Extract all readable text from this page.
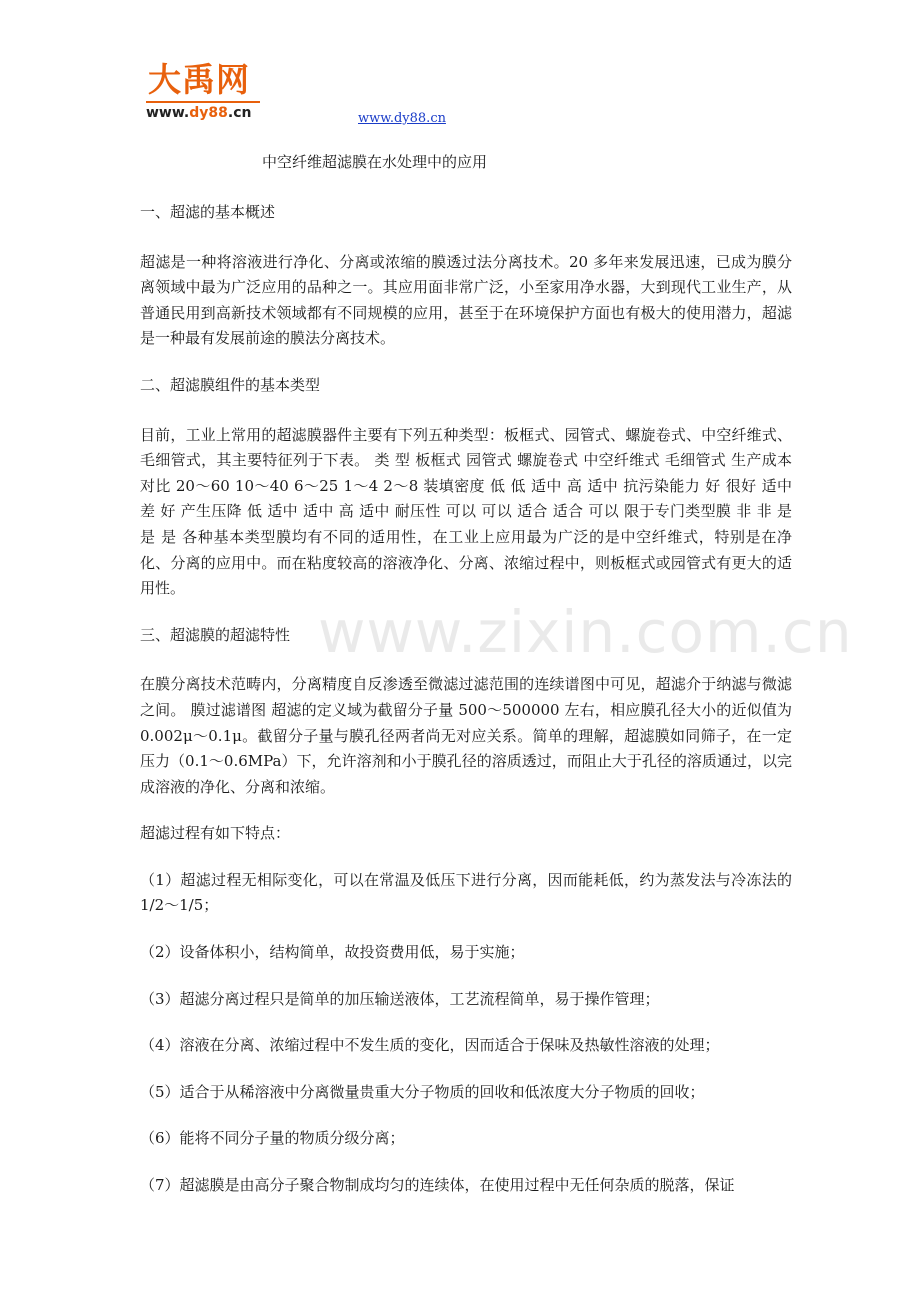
大禹网
www.dy88.cn	www.dy88.cn
中空纤维超滤膜在水处理中的应用

一、超滤的基本概述

超滤是一种将溶液进行净化、分离或浓缩的膜透过法分离技术。20 多年来发展迅速，已成为膜分离领域中最为广泛应用的品种之一。其应用面非常广泛，小至家用净水器，大到现代工业生产，从普通民用到高新技术领域都有不同规模的应用，甚至于在环境保护方面也有极大的使用潜力，超滤是一种最有发展前途的膜法分离技术。

二、超滤膜组件的基本类型

目前，工业上常用的超滤膜器件主要有下列五种类型：板框式、园管式、螺旋卷式、中空纤维式、毛细管式，其主要特征列于下表。 类 型 板框式 园管式 螺旋卷式 中空纤维式 毛细管式 生产成本对比 20～60 10～40 6～25 1～4 2～8 装填密度 低 低 适中 高 适中 抗污染能力 好 很好 适中 差 好 产生压降 低 适中 适中 高 适中 耐压性 可以 可以 适合 适合 可以 限于专门类型膜 非 非 是 是 是 各种基本类型膜均有不同的适用性，在工业上应用最为广泛的是中空纤维式，特别是在净化、分离的应用中。而在粘度较高的溶液净化、分离、浓缩过程中，则板框式或园管式有更大的适用性。

三、超滤膜的超滤特性

在膜分离技术范畴内，分离精度自反渗透至微滤过滤范围的连续谱图中可见，超滤介于纳滤与微滤之间。 膜过滤谱图 超滤的定义域为截留分子量 500～500000 左右，相应膜孔径大小的近似值为 0.002μ～0.1μ。截留分子量与膜孔径两者尚无对应关系。简单的理解，超滤膜如同筛子，在一定压力（0.1～0.6MPa）下，允许溶剂和小于膜孔径的溶质透过，而阻止大于孔径的溶质通过，以完成溶液的净化、分离和浓缩。

超滤过程有如下特点：

（1）超滤过程无相际变化，可以在常温及低压下进行分离，因而能耗低，约为蒸发法与冷冻法的 1/2～1/5；

（2）设备体积小，结构简单，故投资费用低，易于实施；

（3）超滤分离过程只是简单的加压输送液体，工艺流程简单，易于操作管理；

（4）溶液在分离、浓缩过程中不发生质的变化，因而适合于保味及热敏性溶液的处理；

（5）适合于从稀溶液中分离微量贵重大分子物质的回收和低浓度大分子物质的回收；

（6）能将不同分子量的物质分级分离；

（7）超滤膜是由高分子聚合物制成均匀的连续体，在使用过程中无任何杂质的脱落，保证

www.zixin.com.cn
